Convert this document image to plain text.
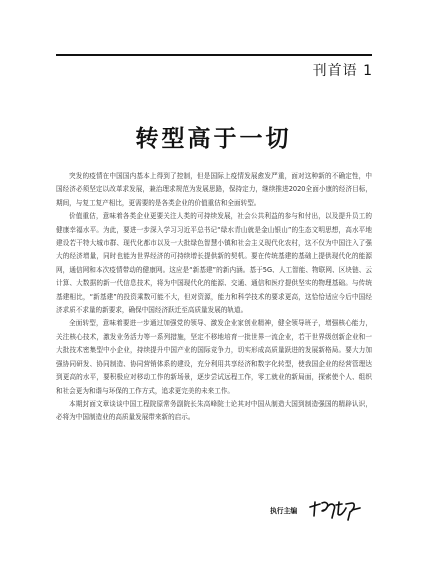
刊首语 1
转型高于一切

突发的疫情在中国国内基本上得到了控制，但是国际上疫情发展愈发严重，面对这种新的不确定性，中国经济必须坚定以改革求发展，兼治理求规范为发展思路，保持定力，继续推进2020全面小康的经济目标，期间，与复工复产相比，更需要的是各类企业的价值重估和全面转型。

价值重估，意味着各类企业更要关注人类的可持续发展，社会公共利益的参与和付出，以及提升员工的健康幸福水平。为此，要进一步深入学习习近平总书记“绿水青山就是金山银山”的生态文明思想，高水平地建设若干特大城市群、现代化都市以及一大批绿色智慧小镇和社会主义现代化农村，这不仅为中国注入了强大的经济增量，同时也能为世界经济的可持续增长提供新的契机。要在传统基建的基础上提供现代化的能源网，通信网和本次疫情带动的健康网。这应是“新基建”的新内涵。基于5G、人工智能、物联网、区块链、云计算、大数据的新一代信息技术，将为中国现代化的能源、交通、通信和医疗提供坚实的物理基础。与传统基建相比，“新基建”的投资乘数可能不大，但对资源，能力和科学技术的要求更高，这恰恰适应今后中国经济求质不求量的新要求，确保中国经济跃迁至高质量发展的轨道。

全面转型，意味着要进一步通过加强党的领导、激发企业家创业精神，健全领导班子，增强核心能力，关注核心技术，激发业务活力等一系列措施，坚定不移地培育一批世界一流企业，若干世界级创新企业和一大批技术密集型中小企业，持续提升中国产业的国际竞争力，切实形成高质量跃进的发展新格局。要大力加强协同研发、协同制造、协同营销体系的建设，充分利用共享经济和数字化转型，使我国企业的经营管理达到更高的水平，要积极应对移动工作的新场景，逐步尝试远程工作，零工就业的新局面，探索使个人、组织和社会更为和谐与环保的工作方式，追求更完美的未来工作。

本期封面文章谈谈中国工程院原常务副院长朱高峰院士论其对中国从制造大国到制造强国的精辟认识，必将为中国制造业的高质量发展带来新的启示。

执行主编
